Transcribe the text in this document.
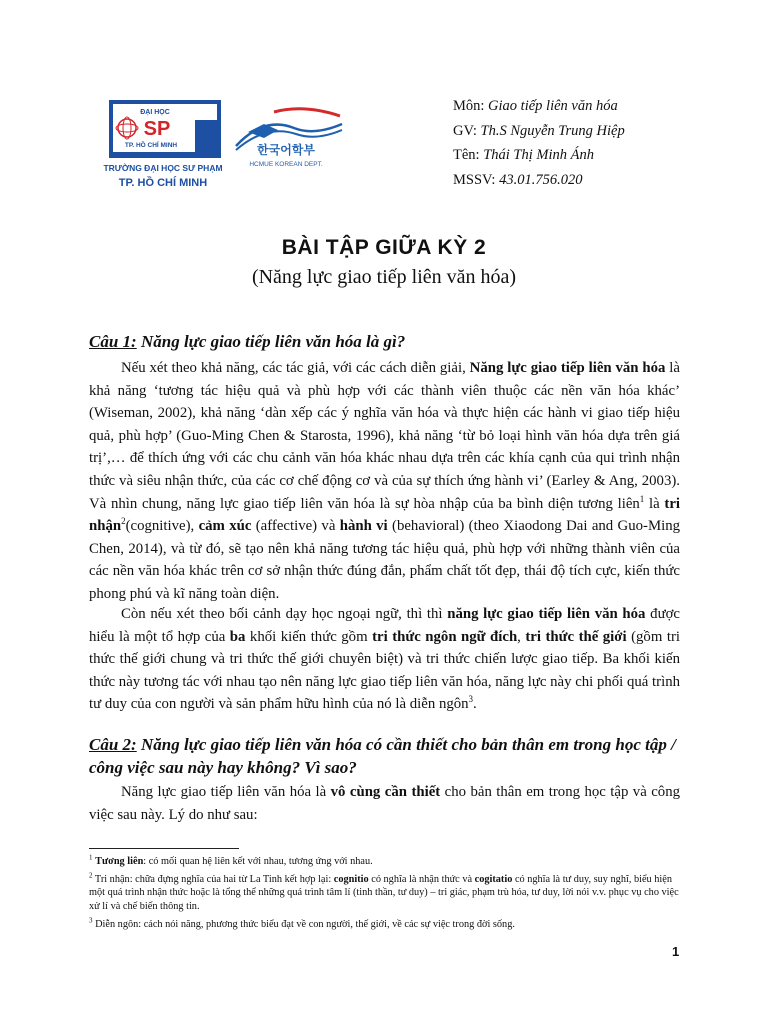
ĐẠI HỌC
SP
TP. HỒ CHÍ MINH
TRƯỜNG ĐẠI HỌC SƯ PHẠM
TP. HỒ CHÍ MINH
한국어학부
HCMUE KOREAN DEPT.
Môn: Giao tiếp liên văn hóa
GV: Th.S Nguyễn Trung Hiệp
Tên: Thái Thị Minh Ánh
MSSV: 43.01.756.020
BÀI TẬP GIỮA KỲ 2
(Năng lực giao tiếp liên văn hóa)
Câu 1: Năng lực giao tiếp liên văn hóa là gì?
Nếu xét theo khả năng, các tác giả, với các cách diễn giải, Năng lực giao tiếp liên văn hóa là khả năng ‘tương tác hiệu quả và phù hợp với các thành viên thuộc các nền văn hóa khác’ (Wiseman, 2002), khả năng ‘dàn xếp các ý nghĩa văn hóa và thực hiện các hành vi giao tiếp hiệu quả, phù hợp’ (Guo-Ming Chen & Starosta, 1996), khả năng ‘từ bỏ loại hình văn hóa dựa trên giá trị’,… để thích ứng với các chu cảnh văn hóa khác nhau dựa trên các khía cạnh của qui trình nhận thức và siêu nhận thức, của các cơ chế động cơ và của sự thích ứng hành vi’ (Earley & Ang, 2003). Và nhìn chung, năng lực giao tiếp liên văn hóa là sự hòa nhập của ba bình diện tương liên$^1$ là tri nhận$^2$(cognitive), cảm xúc (affective) và hành vi (behavioral) (theo Xiaodong Dai and Guo-Ming Chen, 2014), và từ đó, sẽ tạo nên khả năng tương tác hiệu quả, phù hợp với những thành viên của các nền văn hóa khác trên cơ sở nhận thức đúng đắn, phẩm chất tốt đẹp, thái độ tích cực, kiến thức phong phú và kĩ năng toàn diện.
Còn nếu xét theo bối cảnh dạy học ngoại ngữ, thì thì năng lực giao tiếp liên văn hóa được hiểu là một tổ hợp của ba khối kiến thức gồm tri thức ngôn ngữ đích, tri thức thế giới (gồm tri thức thế giới chung và tri thức thế giới chuyên biệt) và tri thức chiến lược giao tiếp. Ba khối kiến thức này tương tác với nhau tạo nên năng lực giao tiếp liên văn hóa, năng lực này chi phối quá trình tư duy của con người và sản phẩm hữu hình của nó là diễn ngôn$^3$.
Câu 2: Năng lực giao tiếp liên văn hóa có cần thiết cho bản thân em trong học tập / công việc sau này hay không? Vì sao?
Năng lực giao tiếp liên văn hóa là vô cùng cần thiết cho bản thân em trong học tập và công việc sau này. Lý do như sau:
$^1$ Tương liên: có mối quan hệ liên kết với nhau, tương ứng với nhau.
$^2$ Tri nhận: chữa đựng nghĩa của hai từ La Tinh kết hợp lại: cognitio có nghĩa là nhận thức và cogitatio có nghĩa là tư duy, suy nghĩ, biểu hiện một quá trình nhận thức hoặc là tổng thể những quá trình tâm lí (tinh thần, tư duy) – tri giác, phạm trù hóa, tư duy, lời nói v.v. phục vụ cho việc xử lí và chế biến thông tin.
$^3$ Diễn ngôn: cách nói năng, phương thức biểu đạt về con người, thế giới, về các sự việc trong đời sống.
1
